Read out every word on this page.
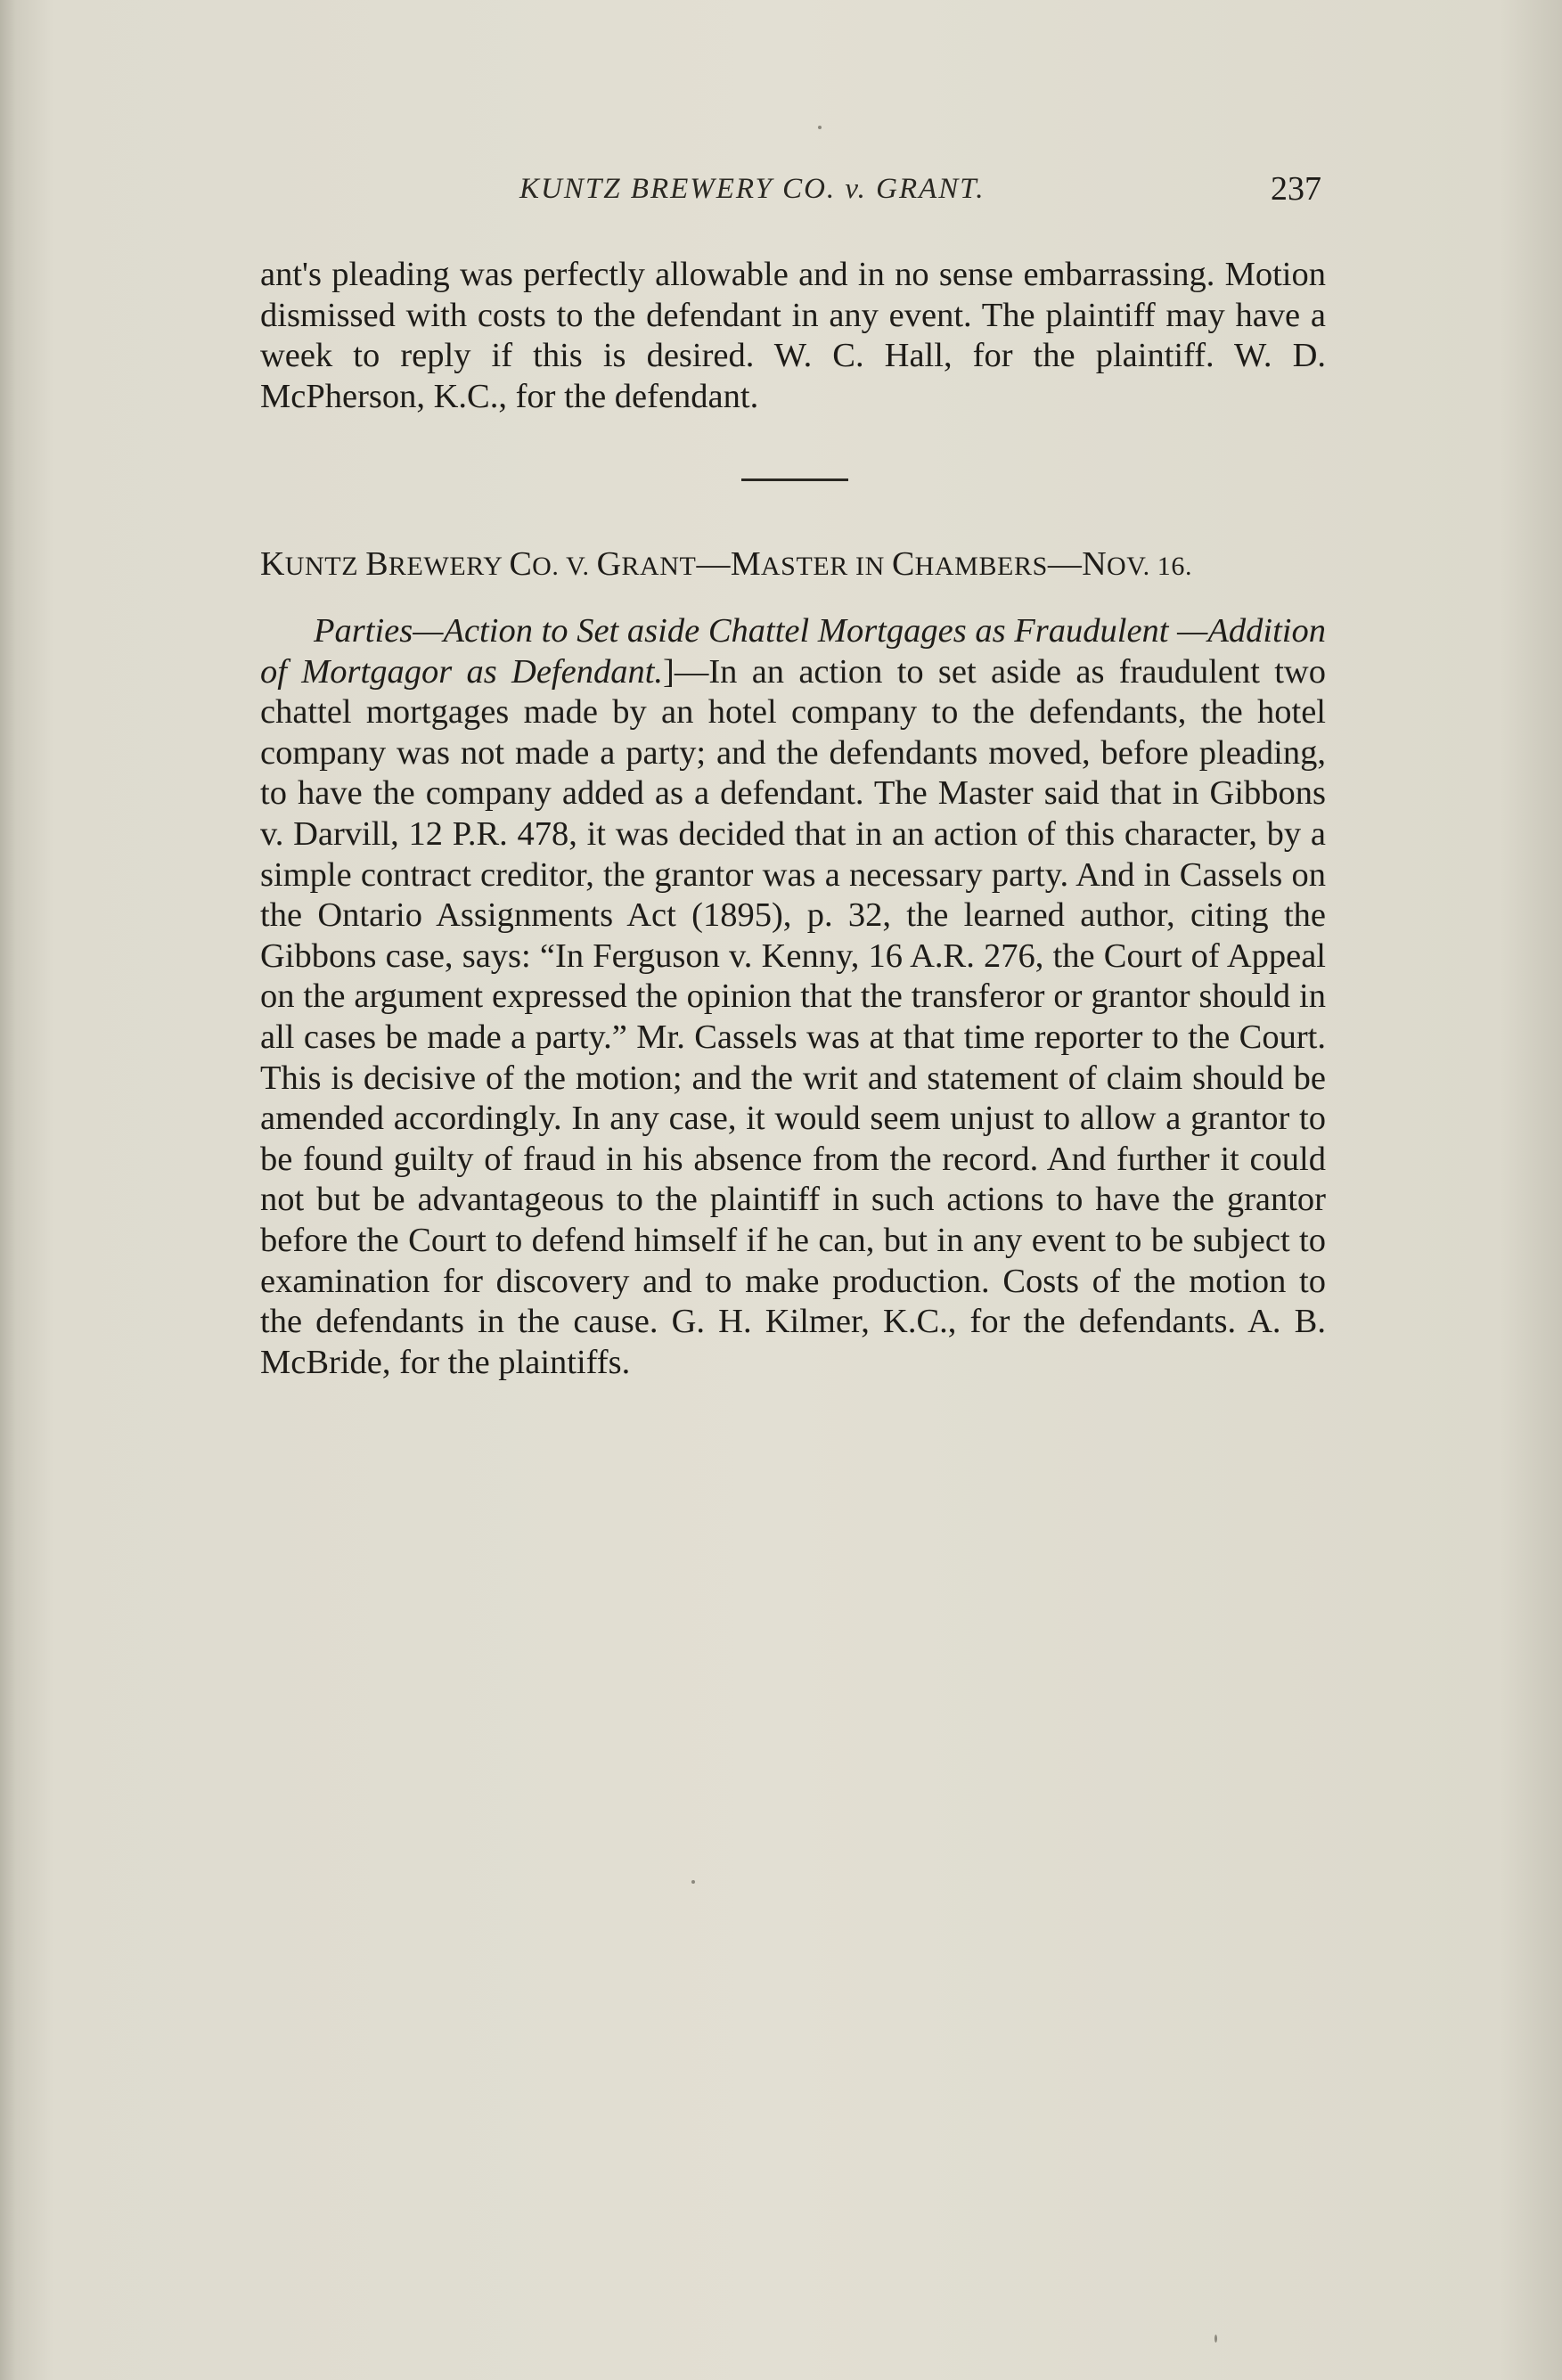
KUNTZ BREWERY CO. v. GRANT.	237
ant's pleading was perfectly allowable and in no sense embarrassing. Motion dismissed with costs to the defendant in any event. The plaintiff may have a week to reply if this is desired. W. C. Hall, for the plaintiff. W. D. McPherson, K.C., for the defendant.
KUNTZ BREWERY CO. V. GRANT—MASTER IN CHAMBERS—NOV. 16.
Parties—Action to Set aside Chattel Mortgages as Fraudulent —Addition of Mortgagor as Defendant.]—In an action to set aside as fraudulent two chattel mortgages made by an hotel company to the defendants, the hotel company was not made a party; and the defendants moved, before pleading, to have the company added as a defendant. The Master said that in Gibbons v. Darvill, 12 P.R. 478, it was decided that in an action of this character, by a simple contract creditor, the grantor was a necessary party. And in Cassels on the Ontario Assignments Act (1895), p. 32, the learned author, citing the Gibbons case, says: “In Ferguson v. Kenny, 16 A.R. 276, the Court of Appeal on the argument expressed the opinion that the transferor or grantor should in all cases be made a party.” Mr. Cassels was at that time reporter to the Court. This is decisive of the motion; and the writ and statement of claim should be amended accordingly. In any case, it would seem unjust to allow a grantor to be found guilty of fraud in his absence from the record. And further it could not but be advantageous to the plaintiff in such actions to have the grantor before the Court to defend himself if he can, but in any event to be subject to examination for discovery and to make production. Costs of the motion to the defendants in the cause. G. H. Kilmer, K.C., for the defendants. A. B. McBride, for the plaintiffs.
